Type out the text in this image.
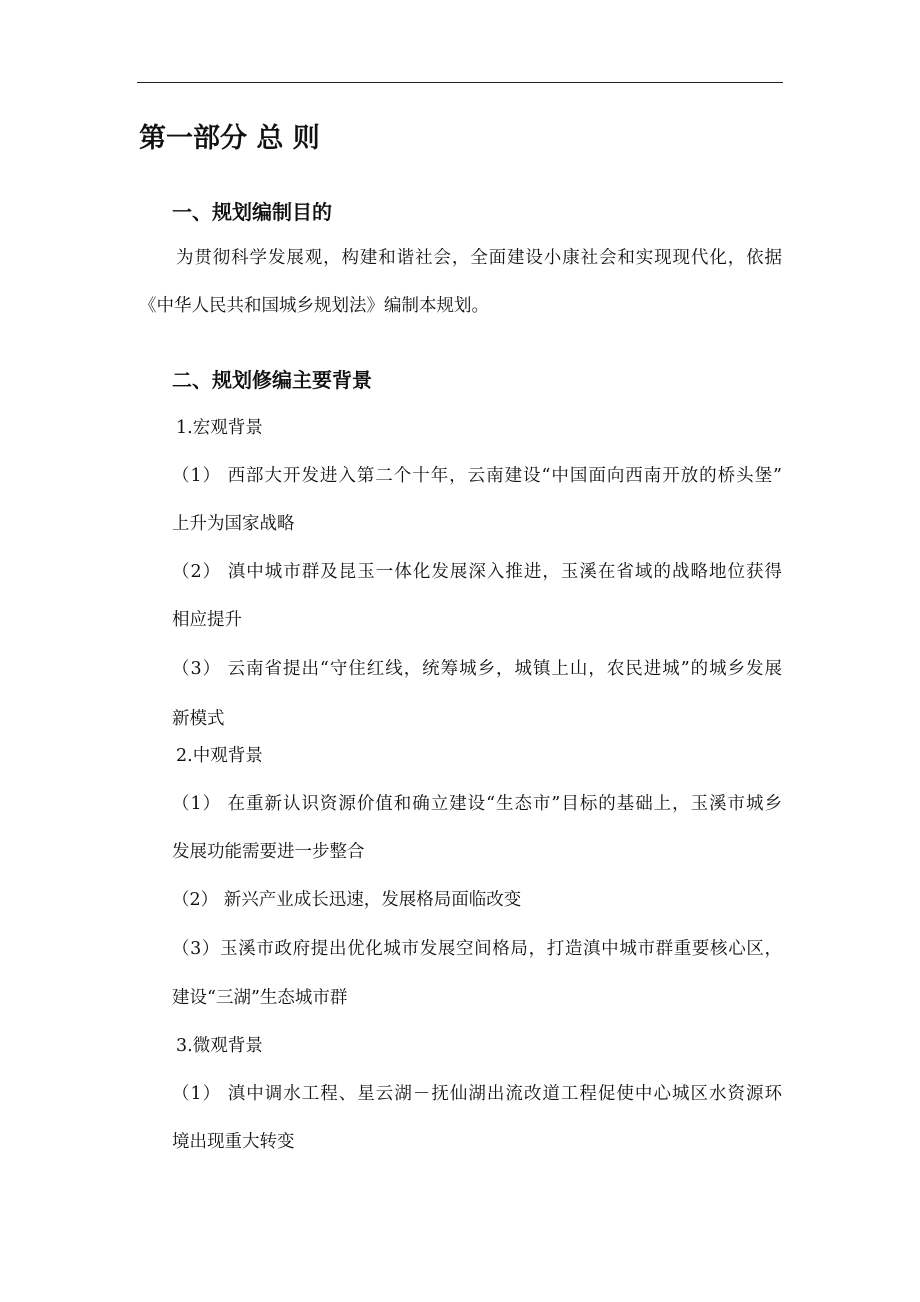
第一部分 总 则
一、规划编制目的
为贯彻科学发展观，构建和谐社会，全面建设小康社会和实现现代化，依据
《中华人民共和国城乡规划法》编制本规划。
二、规划修编主要背景
1.宏观背景
（1） 西部大开发进入第二个十年，云南建设“中国面向西南开放的桥头堡”
上升为国家战略
（2） 滇中城市群及昆玉一体化发展深入推进，玉溪在省域的战略地位获得
相应提升
（3） 云南省提出“守住红线，统筹城乡，城镇上山，农民进城”的城乡发展
新模式
2.中观背景
（1） 在重新认识资源价值和确立建设“生态市”目标的基础上，玉溪市城乡
发展功能需要进一步整合
（2） 新兴产业成长迅速，发展格局面临改变
（3）玉溪市政府提出优化城市发展空间格局，打造滇中城市群重要核心区，
建设“三湖”生态城市群
3.微观背景
（1） 滇中调水工程、星云湖－抚仙湖出流改道工程促使中心城区水资源环
境出现重大转变
